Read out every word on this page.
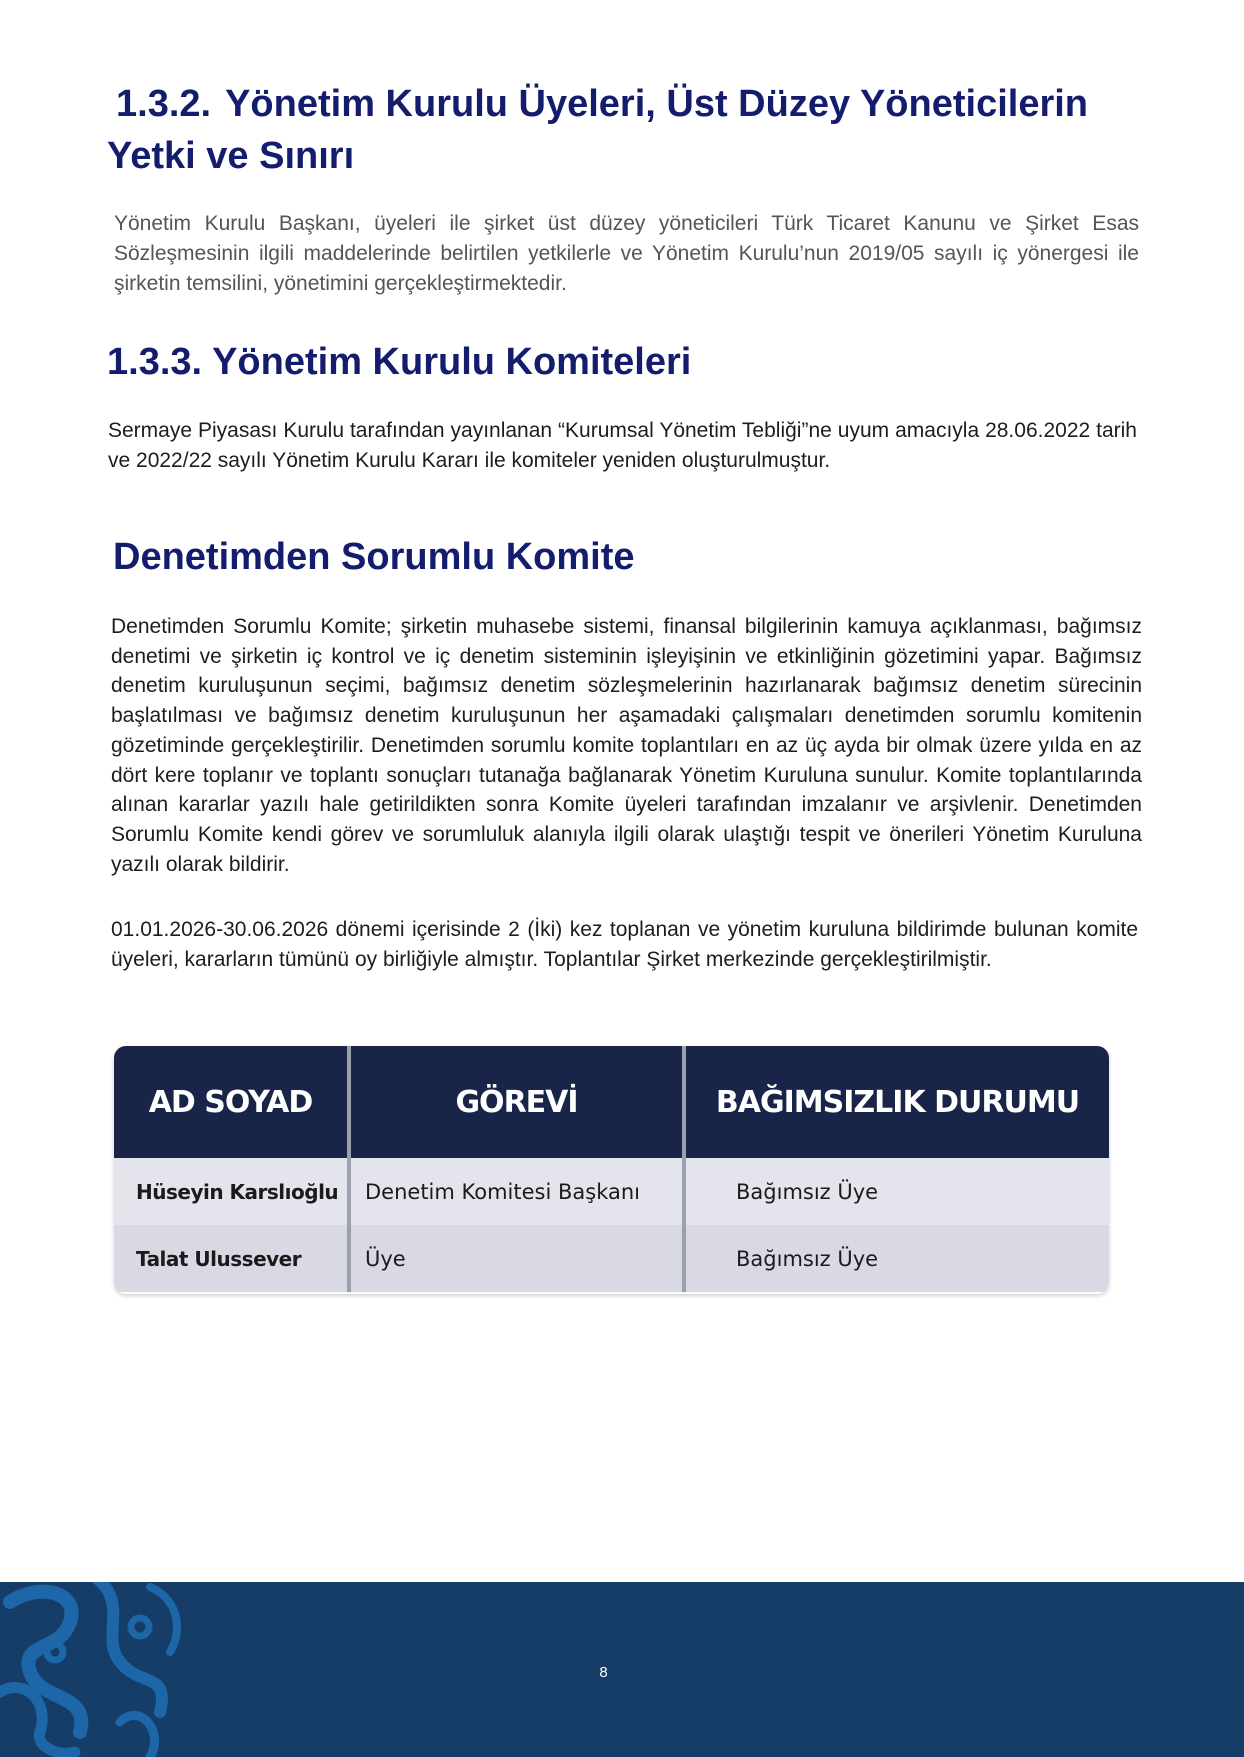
1.3.2. Yönetim Kurulu Üyeleri, Üst Düzey Yöneticilerin
Yetki ve Sınırı

Yönetim Kurulu Başkanı, üyeleri ile şirket üst düzey yöneticileri Türk Ticaret Kanunu ve Şirket Esas Sözleşmesinin ilgili maddelerinde belirtilen yetkilerle ve Yönetim Kurulu’nun 2019/05 sayılı iç yönergesi ile şirketin temsilini, yönetimini gerçekleştirmektedir.

1.3.3. Yönetim Kurulu Komiteleri

Sermaye Piyasası Kurulu tarafından yayınlanan “Kurumsal Yönetim Tebliği”ne uyum amacıyla 28.06.2022 tarih ve 2022/22 sayılı Yönetim Kurulu Kararı ile komiteler yeniden oluşturulmuştur.

Denetimden Sorumlu Komite

Denetimden Sorumlu Komite; şirketin muhasebe sistemi, finansal bilgilerinin kamuya açıklanması, bağımsız denetimi ve şirketin iç kontrol ve iç denetim sisteminin işleyişinin ve etkinliğinin gözetimini yapar. Bağımsız denetim kuruluşunun seçimi, bağımsız denetim sözleşmelerinin hazırlanarak bağımsız denetim sürecinin başlatılması ve bağımsız denetim kuruluşunun her aşamadaki çalışmaları denetimden sorumlu komitenin gözetiminde gerçekleştirilir. Denetimden sorumlu komite toplantıları en az üç ayda bir olmak üzere yılda en az dört kere toplanır ve toplantı sonuçları tutanağa bağlanarak Yönetim Kuruluna sunulur. Komite toplantılarında alınan kararlar yazılı hale getirildikten sonra Komite üyeleri tarafından imzalanır ve arşivlenir. Denetimden Sorumlu Komite kendi görev ve sorumluluk alanıyla ilgili olarak ulaştığı tespit ve önerileri Yönetim Kuruluna yazılı olarak bildirir.

01.01.2026-30.06.2026 dönemi içerisinde 2 (İki) kez toplanan ve yönetim kuruluna bildirimde bulunan komite üyeleri, kararların tümünü oy birliğiyle almıştır. Toplantılar Şirket merkezinde gerçekleştirilmiştir.

AD SOYAD	GÖREVİ	BAĞIMSIZLIK DURUMU
Hüseyin Karslıoğlu	Denetim Komitesi Başkanı	Bağımsız Üye
Talat Ulussever	Üye	Bağımsız Üye
8
